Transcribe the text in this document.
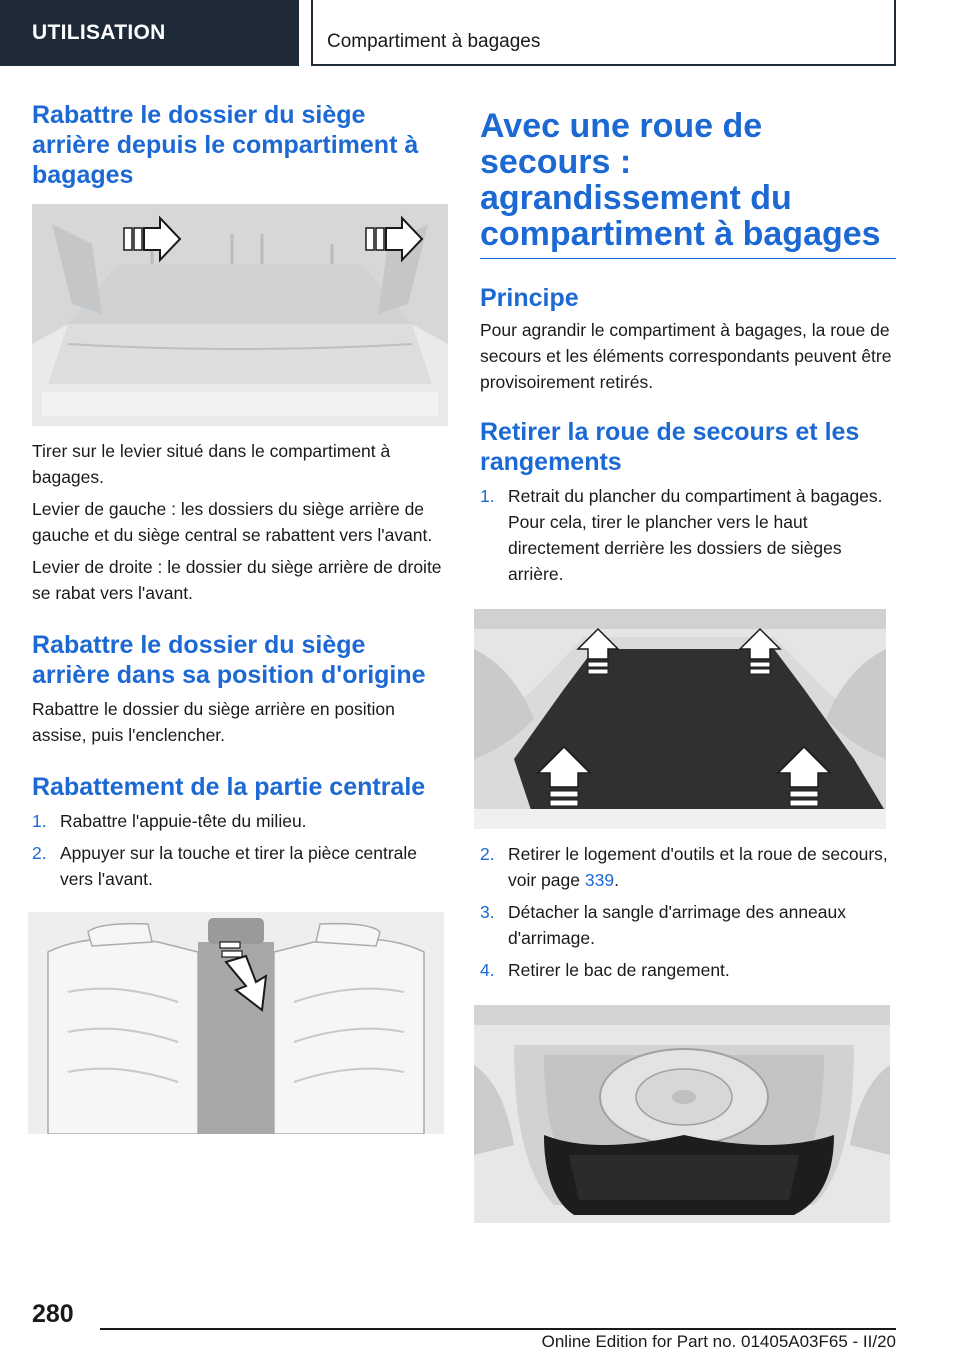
UTILISATION	Compartiment à bagages
Rabattre le dossier du siège arrière depuis le compartiment à bagages

Tirer sur le levier situé dans le compartiment à bagages.

Levier de gauche : les dossiers du siège arrière de gauche et du siège central se rabattent vers l'avant.

Levier de droite : le dossier du siège arrière de droite se rabat vers l'avant.

Rabattre le dossier du siège arrière dans sa position d'origine

Rabattre le dossier du siège arrière en position assise, puis l'enclencher.

Rabattement de la partie centrale
1. Rabattre l'appuie-tête du milieu.
2. Appuyer sur la touche et tirer la pièce centrale vers l'avant.
Avec une roue de secours : agrandissement du compartiment à bagages
Principe

Pour agrandir le compartiment à bagages, la roue de secours et les éléments correspondants peuvent être provisoirement retirés.

Retirer la roue de secours et les rangements
1. Retrait du plancher du compartiment à bagages. Pour cela, tirer le plancher vers le haut directement derrière les dossiers de sièges arrière.
2. Retirer le logement d'outils et la roue de secours, voir page 339.
3. Détacher la sangle d'arrimage des anneaux d'arrimage.
4. Retirer le bac de rangement.
280
Online Edition for Part no. 01405A03F65 - II/20
